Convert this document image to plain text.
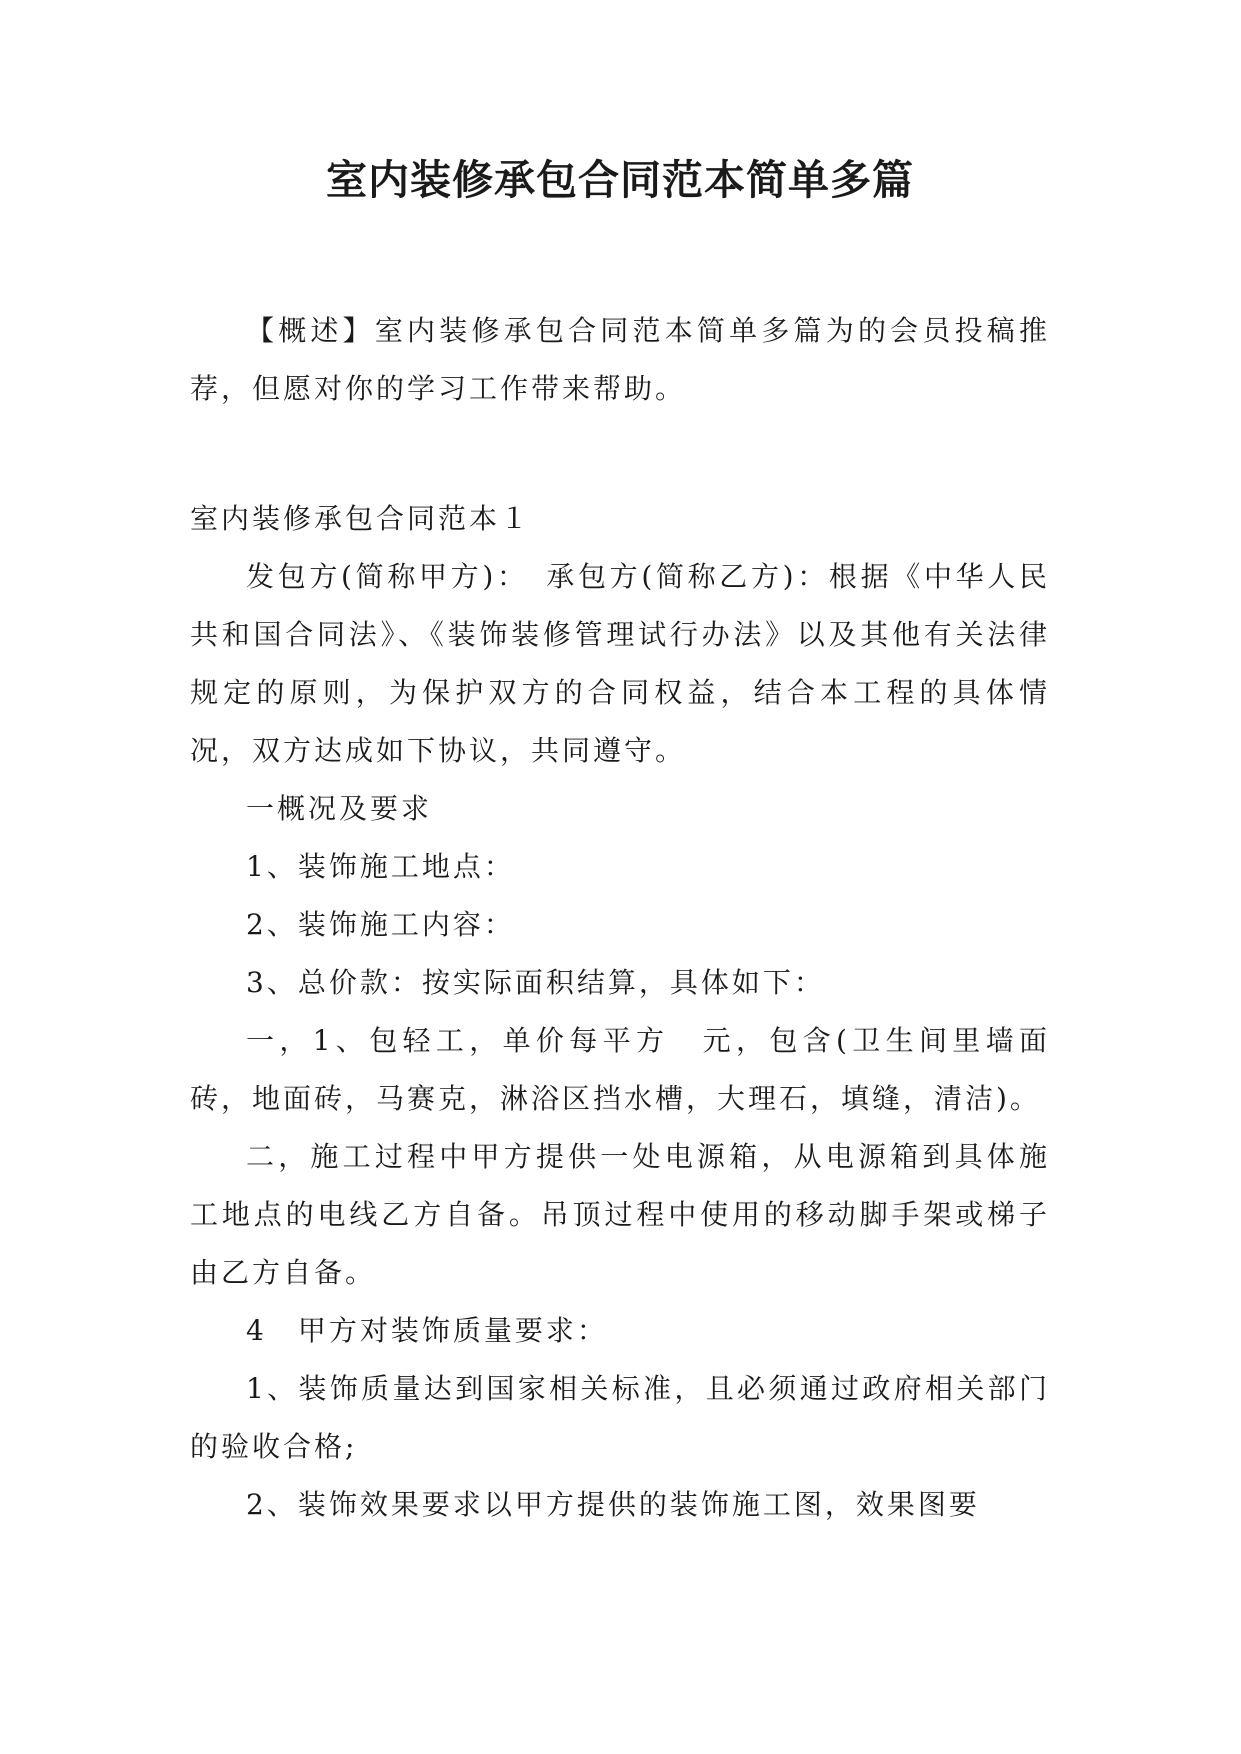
室内装修承包合同范本简单多篇

【概述】室内装修承包合同范本简单多篇为的会员投稿推荐，但愿对你的学习工作带来帮助。

室内装修承包合同范本１

发包方(简称甲方)：　承包方(简称乙方)：根据《中华人民共和国合同法》、《装饰装修管理试行办法》以及其他有关法律规定的原则，为保护双方的合同权益，结合本工程的具体情况，双方达成如下协议，共同遵守。

一概况及要求

1、装饰施工地点：

2、装饰施工内容：

3、总价款：按实际面积结算，具体如下：

一，1、包轻工，单价每平方　元，包含(卫生间里墙面砖，地面砖，马赛克，淋浴区挡水槽，大理石，填缝，清洁)。

二，施工过程中甲方提供一处电源箱，从电源箱到具体施工地点的电线乙方自备。吊顶过程中使用的移动脚手架或梯子由乙方自备。

4　甲方对装饰质量要求：

1、装饰质量达到国家相关标准，且必须通过政府相关部门的验收合格;

2、装饰效果要求以甲方提供的装饰施工图，效果图要
